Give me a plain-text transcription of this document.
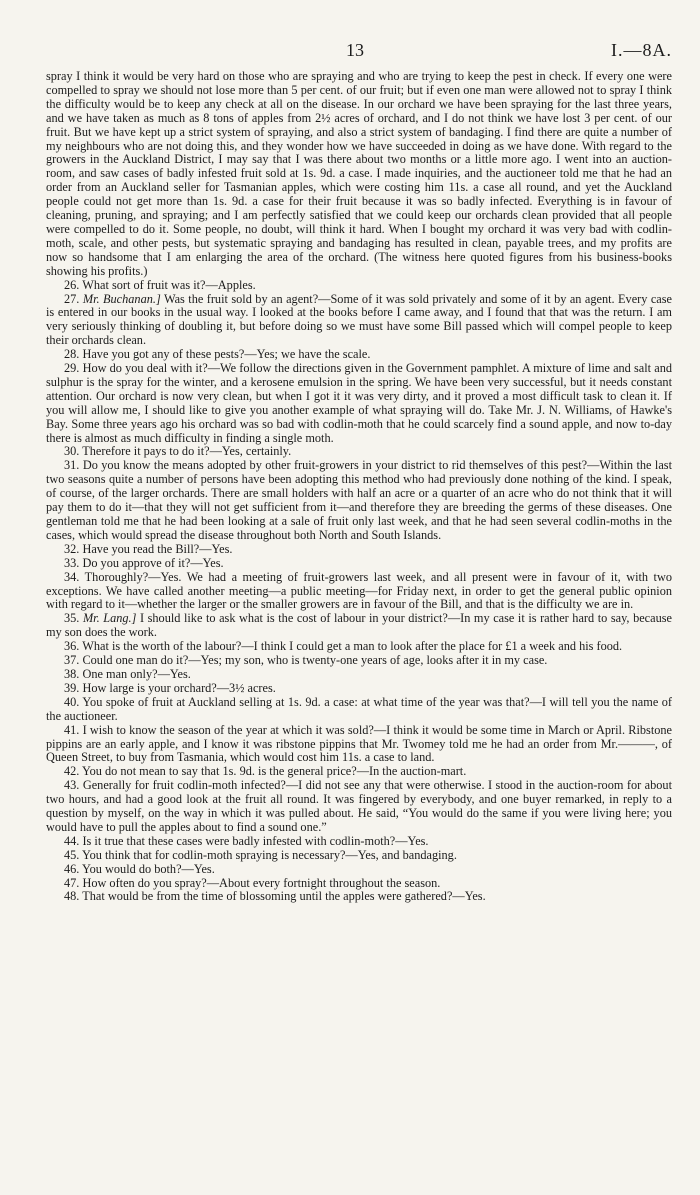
13	I.—8A.

spray I think it would be very hard on those who are spraying and who are trying to keep the pest in check. If every one were compelled to spray we should not lose more than 5 per cent. of our fruit; but if even one man were allowed not to spray I think the difficulty would be to keep any check at all on the disease. In our orchard we have been spraying for the last three years, and we have taken as much as 8 tons of apples from 2½ acres of orchard, and I do not think we have lost 3 per cent. of our fruit. But we have kept up a strict system of spraying, and also a strict system of bandaging. I find there are quite a number of my neighbours who are not doing this, and they wonder how we have succeeded in doing as we have done. With regard to the growers in the Auckland District, I may say that I was there about two months or a little more ago. I went into an auction-room, and saw cases of badly infested fruit sold at 1s. 9d. a case. I made inquiries, and the auctioneer told me that he had an order from an Auckland seller for Tasmanian apples, which were costing him 11s. a case all round, and yet the Auckland people could not get more than 1s. 9d. a case for their fruit because it was so badly infected. Everything is in favour of cleaning, pruning, and spraying; and I am perfectly satisfied that we could keep our orchards clean provided that all people were compelled to do it. Some people, no doubt, will think it hard. When I bought my orchard it was very bad with codlin-moth, scale, and other pests, but systematic spraying and bandaging has resulted in clean, payable trees, and my profits are now so handsome that I am enlarging the area of the orchard. (The witness here quoted figures from his business-books showing his profits.)

26. What sort of fruit was it?—Apples.

27. Mr. Buchanan.] Was the fruit sold by an agent?—Some of it was sold privately and some of it by an agent. Every case is entered in our books in the usual way. I looked at the books before I came away, and I found that that was the return. I am very seriously thinking of doubling it, but before doing so we must have some Bill passed which will compel people to keep their orchards clean.

28. Have you got any of these pests?—Yes; we have the scale.

29. How do you deal with it?—We follow the directions given in the Government pamphlet. A mixture of lime and salt and sulphur is the spray for the winter, and a kerosene emulsion in the spring. We have been very successful, but it needs constant attention. Our orchard is now very clean, but when I got it it was very dirty, and it proved a most difficult task to clean it. If you will allow me, I should like to give you another example of what spraying will do. Take Mr. J. N. Williams, of Hawke's Bay. Some three years ago his orchard was so bad with codlin-moth that he could scarcely find a sound apple, and now to-day there is almost as much difficulty in finding a single moth.

30. Therefore it pays to do it?—Yes, certainly.

31. Do you know the means adopted by other fruit-growers in your district to rid themselves of this pest?—Within the last two seasons quite a number of persons have been adopting this method who had previously done nothing of the kind. I speak, of course, of the larger orchards. There are small holders with half an acre or a quarter of an acre who do not think that it will pay them to do it—that they will not get sufficient from it—and therefore they are breeding the germs of these diseases. One gentleman told me that he had been looking at a sale of fruit only last week, and that he had seen several codlin-moths in the cases, which would spread the disease throughout both North and South Islands.

32. Have you read the Bill?—Yes.

33. Do you approve of it?—Yes.

34. Thoroughly?—Yes. We had a meeting of fruit-growers last week, and all present were in favour of it, with two exceptions. We have called another meeting—a public meeting—for Friday next, in order to get the general public opinion with regard to it—whether the larger or the smaller growers are in favour of the Bill, and that is the difficulty we are in.

35. Mr. Lang.] I should like to ask what is the cost of labour in your district?—In my case it is rather hard to say, because my son does the work.

36. What is the worth of the labour?—I think I could get a man to look after the place for £1 a week and his food.

37. Could one man do it?—Yes; my son, who is twenty-one years of age, looks after it in my case.

38. One man only?—Yes.

39. How large is your orchard?—3½ acres.

40. You spoke of fruit at Auckland selling at 1s. 9d. a case: at what time of the year was that?—I will tell you the name of the auctioneer.

41. I wish to know the season of the year at which it was sold?—I think it would be some time in March or April. Ribstone pippins are an early apple, and I know it was ribstone pippins that Mr. Twomey told me he had an order from Mr.———, of Queen Street, to buy from Tasmania, which would cost him 11s. a case to land.

42. You do not mean to say that 1s. 9d. is the general price?—In the auction-mart.

43. Generally for fruit codlin-moth infected?—I did not see any that were otherwise. I stood in the auction-room for about two hours, and had a good look at the fruit all round. It was fingered by everybody, and one buyer remarked, in reply to a question by myself, on the way in which it was pulled about. He said, “You would do the same if you were living here; you would have to pull the apples about to find a sound one.”

44. Is it true that these cases were badly infested with codlin-moth?—Yes.

45. You think that for codlin-moth spraying is necessary?—Yes, and bandaging.

46. You would do both?—Yes.

47. How often do you spray?—About every fortnight throughout the season.

48. That would be from the time of blossoming until the apples were gathered?—Yes.
